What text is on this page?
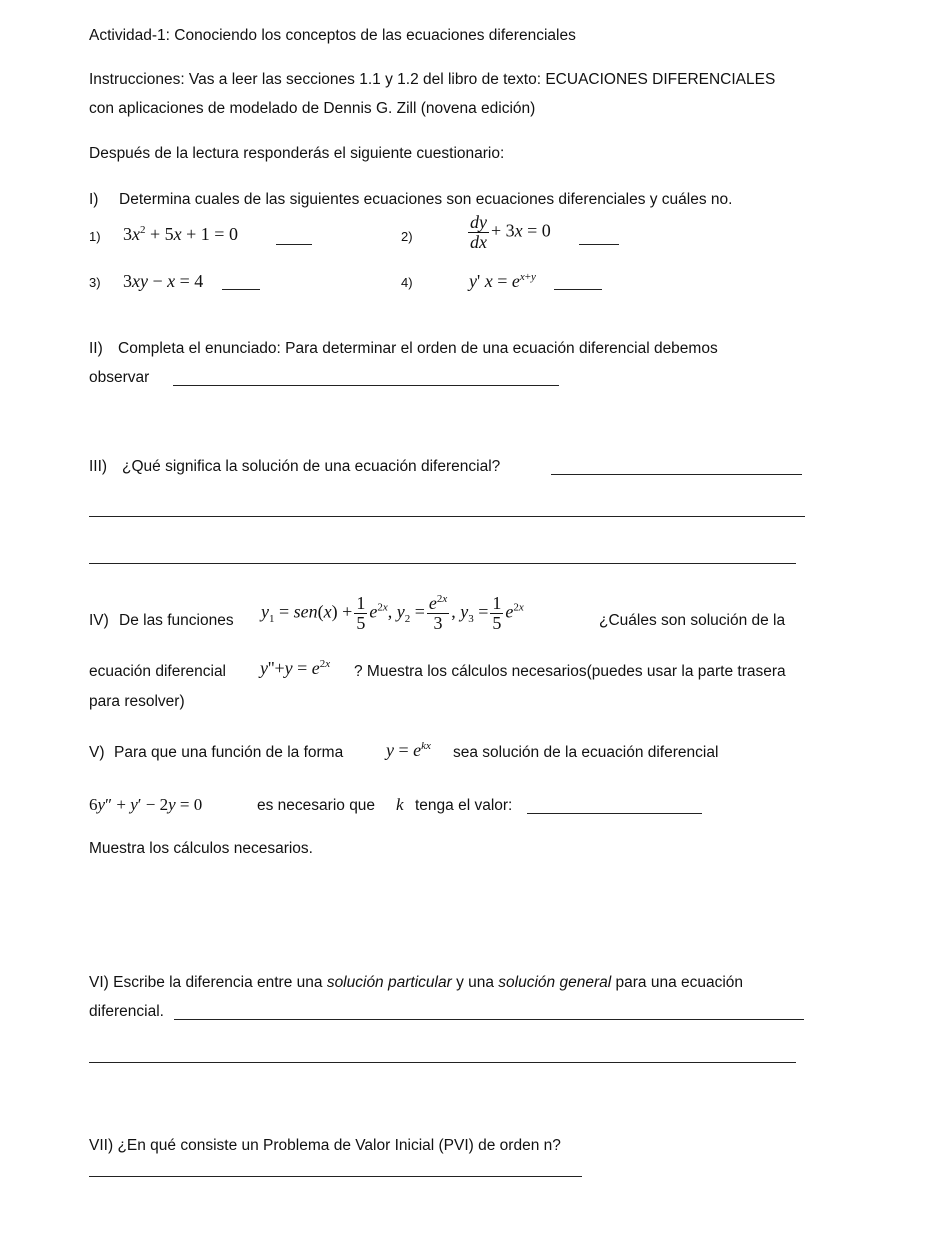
Actividad-1: Conociendo los conceptos de las ecuaciones diferenciales
Instrucciones: Vas a leer las secciones 1.1 y 1.2 del libro de texto: ECUACIONES DIFERENCIALES
con aplicaciones de modelado de Dennis G. Zill (novena edición)
Después de la lectura responderás el siguiente cuestionario:
I) Determina cuales de las siguientes ecuaciones son ecuaciones diferenciales y cuáles no.
1) $3x^2 + 5x + 1 = 0$	2)	$\frac{dy}{dx} + 3x = 0$
3) 3xy − x = 4	4)	y' $x = e^{x+y}$
II) Completa el enunciado: Para determinar el orden de una ecuación diferencial debemos
observar
III) ¿Qué significa la solución de una ecuación diferencial?
IV) De las funciones $y_1 = sen(x) + \frac{1}{5} e^{2x}$, $y_2 = \frac{e^{2x}}{3}$ , $y_3 = \frac{1}{5} e^{2x}$
¿Cuáles son solución de la
ecuación diferencial $y''+y = e^{2x}$ ? Muestra los cálculos necesarios(puedes usar la parte trasera
para resolver)
V) Para que una función de la forma $y = e^{kx}$ sea solución de la ecuación diferencial
6y″ + y′ − 2y = 0	es necesario que k tenga el valor:
Muestra los cálculos necesarios.
VI) Escribe la diferencia entre una solución particular y una solución general para una ecuación
diferencial.
VII) ¿En qué consiste un Problema de Valor Inicial (PVI) de orden n?
